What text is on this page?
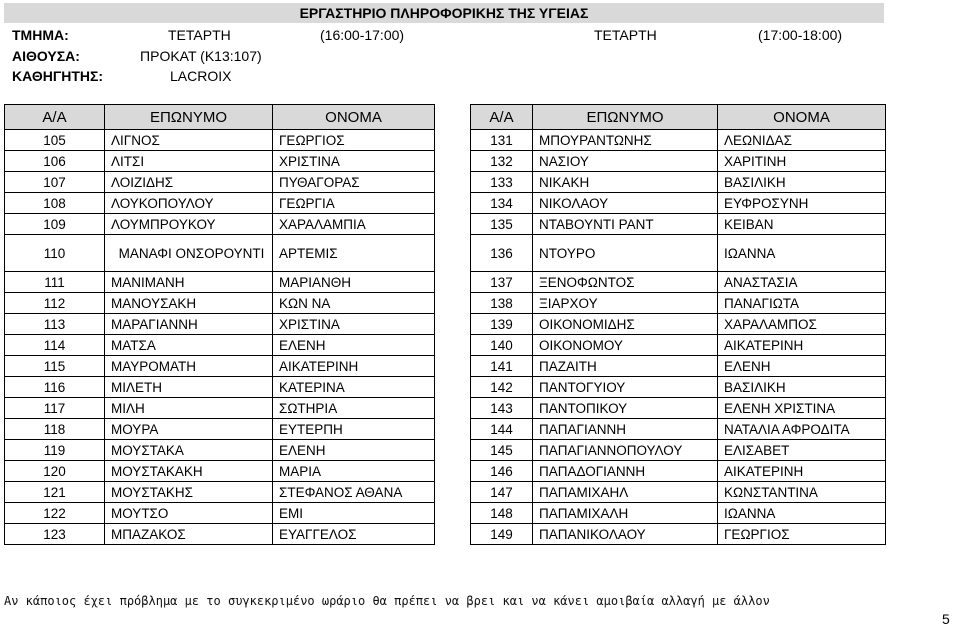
ΕΡΓΑΣΤΗΡΙΟ ΠΛΗΡΟΦΟΡΙΚΗΣ ΤΗΣ ΥΓΕΙΑΣ
ΤΜΗΜΑ:	ΤΕΤΑΡΤΗ	(16:00-17:00)	ΤΕΤΑΡΤΗ	(17:00-18:00)
ΑΙΘΟΥΣΑ:	ΠΡΟΚΑΤ (Κ13:107)
ΚΑΘΗΓΗΤΗΣ:	LACROIX
Α/Α	ΕΠΩΝΥΜΟ	ΟΝΟΜΑ
105	ΛΙΓΝΟΣ	ΓΕΩΡΓΙΟΣ
106	ΛΙΤΣΙ	ΧΡΙΣΤΙΝΑ
107	ΛΟΙΖΙΔΗΣ	ΠΥΘΑΓΟΡΑΣ
108	ΛΟΥΚΟΠΟΥΛΟΥ	ΓΕΩΡΓΙΑ
109	ΛΟΥΜΠΡΟΥΚΟΥ	ΧΑΡΑΛΑΜΠΙΑ
110	ΜΑΝΑΦΙ ΟΝΣΟΡΟΥΝΤΙ	ΑΡΤΕΜΙΣ
111	ΜΑΝΙΜΑΝΗ	ΜΑΡΙΑΝΘΗ
112	ΜΑΝΟΥΣΑΚΗ	ΚΩΝ ΝΑ
113	ΜΑΡΑΓΙΑΝΝΗ	ΧΡΙΣΤΙΝΑ
114	ΜΑΤΣΑ	ΕΛΕΝΗ
115	ΜΑΥΡΟΜΑΤΗ	ΑΙΚΑΤΕΡΙΝΗ
116	ΜΙΛΕΤΗ	ΚΑΤΕΡΙΝΑ
117	ΜΙΛΗ	ΣΩΤΗΡΙΑ
118	ΜΟΥΡΑ	ΕΥΤΕΡΠΗ
119	ΜΟΥΣΤΑΚΑ	ΕΛΕΝΗ
120	ΜΟΥΣΤΑΚΑΚΗ	ΜΑΡΙΑ
121	ΜΟΥΣΤΑΚΗΣ	ΣΤΕΦΑΝΟΣ ΑΘΑΝΑ
122	ΜΟΥΤΣΟ	ΕΜΙ
123	ΜΠΑΖΑΚΟΣ	ΕΥΑΓΓΕΛΟΣ
Α/Α	ΕΠΩΝΥΜΟ	ΟΝΟΜΑ
131	ΜΠΟΥΡΑΝΤΩΝΗΣ	ΛΕΩΝΙΔΑΣ
132	ΝΑΣΙΟΥ	ΧΑΡΙΤΙΝΗ
133	ΝΙΚΑΚΗ	ΒΑΣΙΛΙΚΗ
134	ΝΙΚΟΛΑΟΥ	ΕΥΦΡΟΣΥΝΗ
135	ΝΤΑΒΟΥΝΤΙ ΡΑΝΤ	ΚΕΙΒΑΝ
136	ΝΤΟΥΡΟ	ΙΩΑΝΝΑ
137	ΞΕΝΟΦΩΝΤΟΣ	ΑΝΑΣΤΑΣΙΑ
138	ΞΙΑΡΧΟΥ	ΠΑΝΑΓΙΩΤΑ
139	ΟΙΚΟΝΟΜΙΔΗΣ	ΧΑΡΑΛΑΜΠΟΣ
140	ΟΙΚΟΝΟΜΟΥ	ΑΙΚΑΤΕΡΙΝΗ
141	ΠΑΖΑΙΤΗ	ΕΛΕΝΗ
142	ΠΑΝΤΟΓΥΙΟΥ	ΒΑΣΙΛΙΚΗ
143	ΠΑΝΤΟΠΙΚΟΥ	ΕΛΕΝΗ ΧΡΙΣΤΙΝΑ
144	ΠΑΠΑΓΙΑΝΝΗ	ΝΑΤΑΛΙΑ ΑΦΡΟΔΙΤΑ
145	ΠΑΠΑΓΙΑΝΝΟΠΟΥΛΟΥ	ΕΛΙΣΑΒΕΤ
146	ΠΑΠΑΔΟΓΙΑΝΝΗ	ΑΙΚΑΤΕΡΙΝΗ
147	ΠΑΠΑΜΙΧΑΗΛ	ΚΩΝΣΤΑΝΤΙΝΑ
148	ΠΑΠΑΜΙΧΑΛΗ	ΙΩΑΝΝΑ
149	ΠΑΠΑΝΙΚΟΛΑΟΥ	ΓΕΩΡΓΙΟΣ
Αν κάποιος έχει πρόβλημα με το συγκεκριμένο ωράριο θα πρέπει να βρει και να κάνει αμοιβαία αλλαγή με άλλον
5
